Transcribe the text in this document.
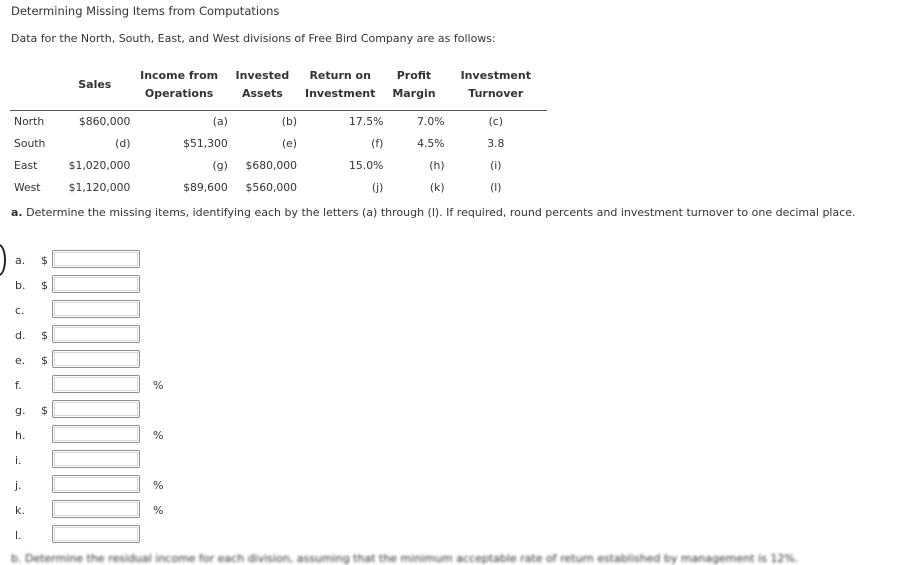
Determining Missing Items from Computations
Data for the North, South, East, and West divisions of Free Bird Company are as follows:
	Sales	Income from Operations	Invested Assets	Return on Investment	Profit Margin	Investment Turnover
North	$860,000	(a)	(b)	17.5%	7.0%	(c)
South	(d)	$51,300	(e)	(f)	4.5%	3.8
East	$1,020,000	(g)	$680,000	15.0%	(h)	(i)
West	$1,120,000	$89,600	$560,000	(j)	(k)	(l)
a. Determine the missing items, identifying each by the letters (a) through (l). If required, round percents and investment turnover to one decimal place.
a. $
b. $
c.
d. $
e. $
f.	%
g. $
h.	%
i.
j.	%
k.	%
l.
b. Determine the residual income for each division, assuming that the minimum acceptable rate of return established by management is 12%.
